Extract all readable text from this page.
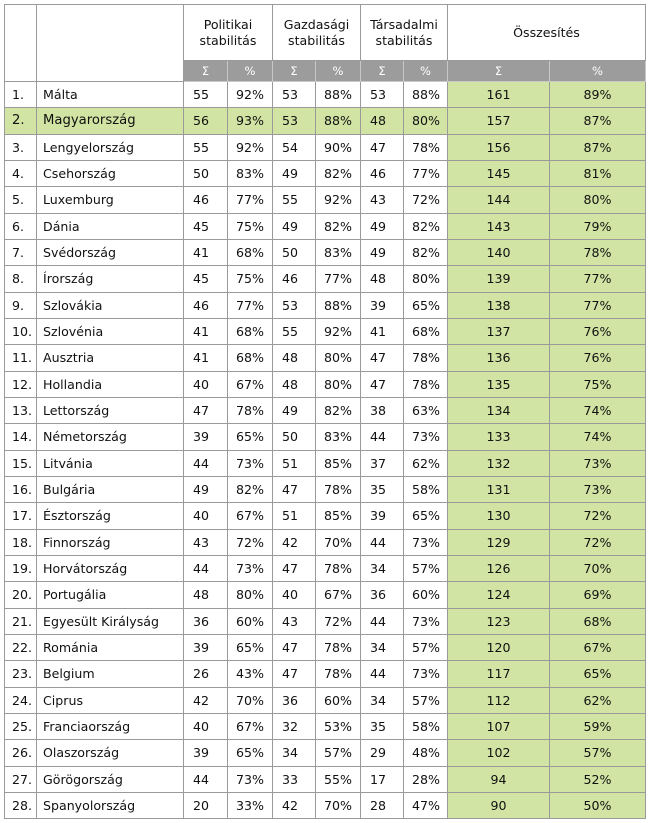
		Politikai
stabilitás		Gazdasági
stabilitás		Társadalmi
stabilitás		Összesítés	
		Σ	%	Σ	%	Σ	%	Σ	%
1.	Málta	55	92%	53	88%	53	88%	161	89%
2.	Magyarország	56	93%	53	88%	48	80%	157	87%
3.	Lengyelország	55	92%	54	90%	47	78%	156	87%
4.	Csehország	50	83%	49	82%	46	77%	145	81%
5.	Luxemburg	46	77%	55	92%	43	72%	144	80%
6.	Dánia	45	75%	49	82%	49	82%	143	79%
7.	Svédország	41	68%	50	83%	49	82%	140	78%
8.	Írország	45	75%	46	77%	48	80%	139	77%
9.	Szlovákia	46	77%	53	88%	39	65%	138	77%
10.	Szlovénia	41	68%	55	92%	41	68%	137	76%
11.	Ausztria	41	68%	48	80%	47	78%	136	76%
12.	Hollandia	40	67%	48	80%	47	78%	135	75%
13.	Lettország	47	78%	49	82%	38	63%	134	74%
14.	Németország	39	65%	50	83%	44	73%	133	74%
15.	Litvánia	44	73%	51	85%	37	62%	132	73%
16.	Bulgária	49	82%	47	78%	35	58%	131	73%
17.	Észtország	40	67%	51	85%	39	65%	130	72%
18.	Finnország	43	72%	42	70%	44	73%	129	72%
19.	Horvátország	44	73%	47	78%	34	57%	126	70%
20.	Portugália	48	80%	40	67%	36	60%	124	69%
21.	Egyesült Királyság	36	60%	43	72%	44	73%	123	68%
22.	Románia	39	65%	47	78%	34	57%	120	67%
23.	Belgium	26	43%	47	78%	44	73%	117	65%
24.	Ciprus	42	70%	36	60%	34	57%	112	62%
25.	Franciaország	40	67%	32	53%	35	58%	107	59%
26.	Olaszország	39	65%	34	57%	29	48%	102	57%
27.	Görögország	44	73%	33	55%	17	28%	94	52%
28.	Spanyolország	20	33%	42	70%	28	47%	90	50%
